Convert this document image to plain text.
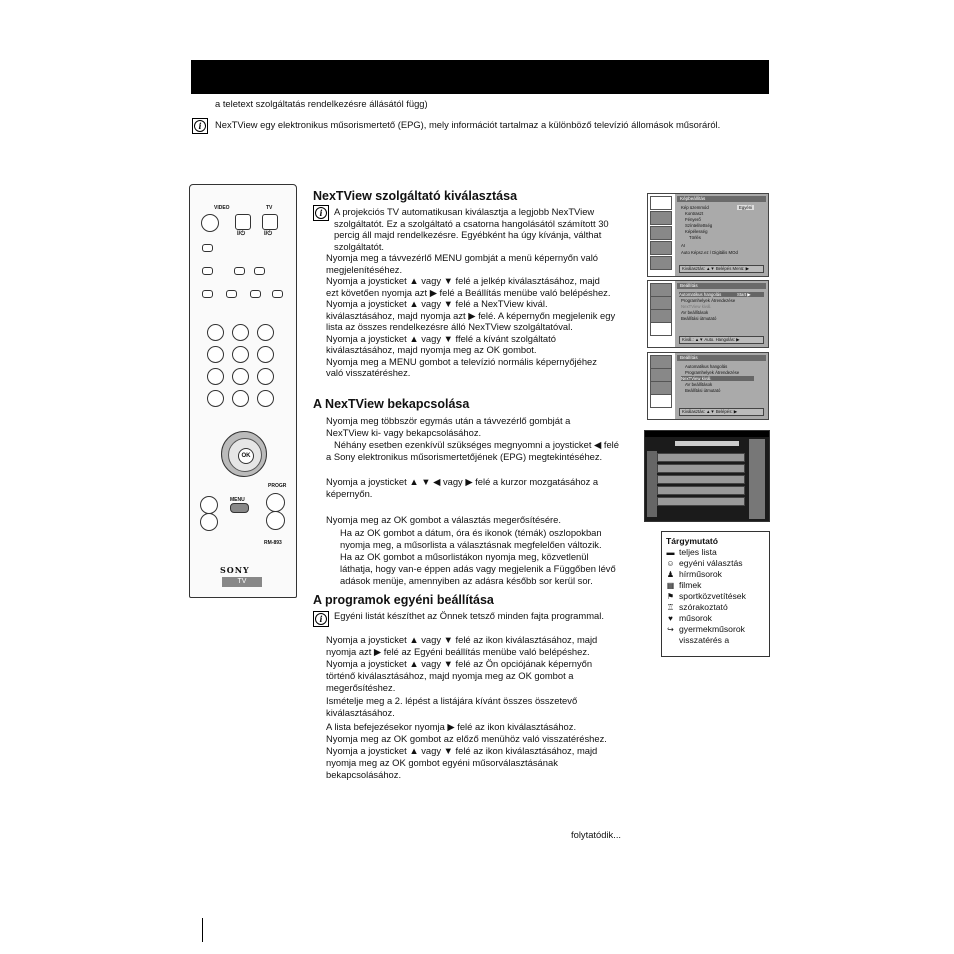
a teletext szolgáltatás rendelkezésre állásától függ)
i	NexTView egy elektronikus műsorismertető (EPG), mely információt tartalmaz a különböző televízió állomások műsoráról.
VIDEO	TV
I/⏻	I/⏻
OK
MENU
PROGR
RM-893
SONY
TV
NexTView szolgáltató kiválasztása
i	A projekciós TV automatikusan kiválasztja a legjobb NexTView
szolgáltatót. Ez a szolgáltató a csatorna hangolásától számított 30
percig áll majd rendelkezésre. Egyébként ha úgy kívánja, válthat
szolgáltatót.
Nyomja meg a távvezérlő MENU gombját a menü képernyőn való
megjelenítéséhez.
Nyomja a joysticket ▲ vagy ▼ felé a jelkép kiválasztásához, majd
ezt követően nyomja azt ▶ felé a Beállítás menübe való belépéshez.
Nyomja a joysticket ▲ vagy ▼ felé a NexTView kivál.
kiválasztásához, majd nyomja azt ▶ felé. A képernyőn megjelenik egy
lista az összes rendelkezésre álló NexTView szolgáltatóval.
Nyomja a joysticket ▲ vagy ▼ ffelé a kívánt szolgáltató
kiválasztásához, majd nyomja meg az OK gombot.
Nyomja meg a MENU gombot a televízió normális képernyőjéhez
való visszatéréshez.
A NexTView bekapcsolása
Nyomja meg többször egymás után a távvezérlő gombját a
NexTView ki- vagy bekapcsolásához.
Néhány esetben ezenkívül szükséges megnyomni a joysticket ◀ felé
a Sony elektronikus műsorismertetőjének (EPG) megtekintéséhez.
Nyomja a joysticket ▲ ▼ ◀ vagy ▶ felé a kurzor mozgatásához a
képernyőn.
Nyomja meg az OK gombot a választás megerősítésére.
Ha az OK gombot a dátum, óra és ikonok (témák) oszlopokban
nyomja meg, a műsorlista a választásnak megfelelően változik.
Ha az OK gombot a műsorlistákon nyomja meg, közvetlenül
láthatja, hogy van-e éppen adás vagy megjelenik a Függőben lévő
adások menüje, amennyiben az adásra később sor kerül sor.
A programok egyéni beállítása
i	Egyéni listát készíthet az Önnek tetsző minden fajta programmal.
Nyomja a joysticket ▲ vagy ▼ felé az ikon kiválasztásához, majd
nyomja azt ▶ felé az Egyéni beállítás menübe való belépéshez.
Nyomja a joysticket ▲ vagy ▼ felé az Ön opciójának képernyőn
történő kiválasztásához, majd nyomja meg az OK gombot a
megerősítéshez.
Ismételje meg a 2. lépést a listájára kívánt összes összetevő
kiválasztásához.
A lista befejezésekor nyomja ▶ felé az ikon kiválasztásához.
Nyomja meg az OK gombot az előző menühöz való visszatéréshez.
Nyomja a joysticket ▲ vagy ▼ felé az ikon kiválasztásához, majd
nyomja meg az OK gombot egyéni műsorválasztásának
bekapcsolásához.
folytatódik...
Képbeállítás
Kép üzemmód	Egyéni
Kontraszt
Fényerő
Színtelítettség
Képélesség
Törlés
AI
Auto Képsz.ez / Digitális MOd
Kiválasztás: ▲▼ Belépés Menü: ▶
Beállítás
Automatikus hangolás	Start ▶
Programhelyek Átrendezése
NexTView kivál.
AV beállítások
Beállítási útmutató
Kivál.: ▲▼ Auto. Hangolás: ▶
Beállítás
Automatikus hangolás
Programhelyek Átrendezése
NexTView kivál.
AV beállítások
Beállítási útmutató
Kiválasztás: ▲▼ Belépés: ▶
Tárgymutató
▬ teljes lista
☺ egyéni választás
♟ hírműsorok
▦ filmek
⚑ sportközvetítések
♖ szórakoztató
♥ műsorok
↪ gyermekműsorok
visszatérés a
